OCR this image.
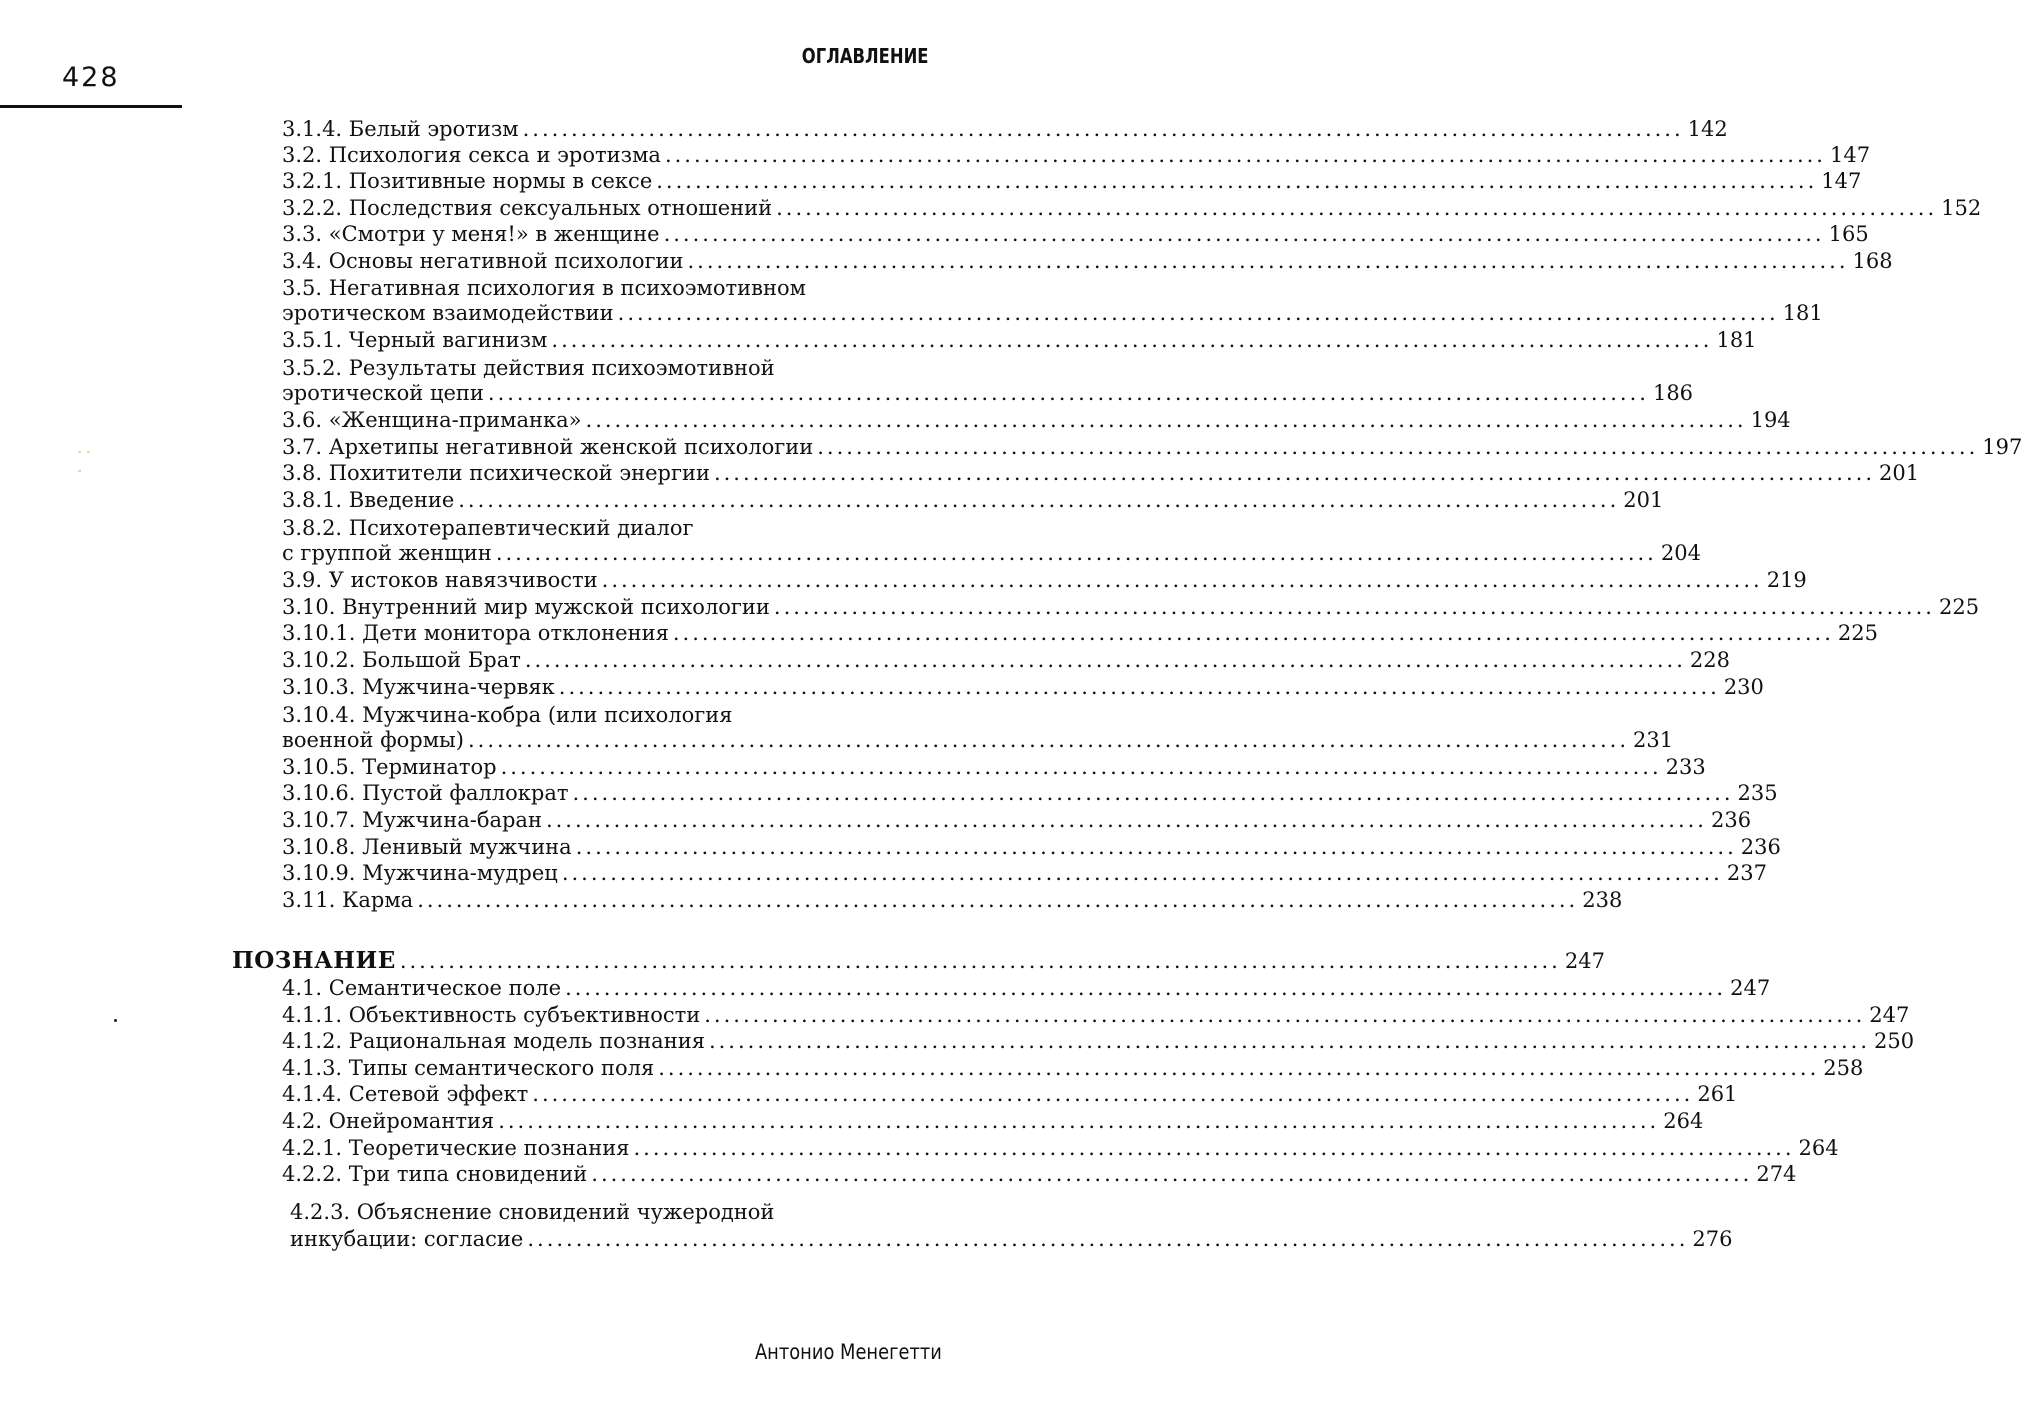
428
ОГЛАВЛЕНИЕ
3.1.4. Белый эротизм ........................................................................................................................ 142
3.2. Психология секса и эротизма ........................................................................................................................ 147
3.2.1. Позитивные нормы в сексе ........................................................................................................................ 147
3.2.2. Последствия сексуальных отношений ........................................................................................................................ 152
3.3. «Смотри у меня!» в женщине ........................................................................................................................ 165
3.4. Основы негативной психологии ........................................................................................................................ 168
3.5. Негативная психология в психоэмотивном
эротическом взаимодействии ........................................................................................................................ 181
3.5.1. Черный вагинизм ........................................................................................................................ 181
3.5.2. Результаты действия психоэмотивной
эротической цепи ........................................................................................................................ 186
3.6. «Женщина-приманка» ........................................................................................................................ 194
3.7. Архетипы негативной женской психологии ........................................................................................................................ 197
3.8. Похитители психической энергии ........................................................................................................................ 201
3.8.1. Введение ........................................................................................................................ 201
3.8.2. Психотерапевтический диалог
с группой женщин ........................................................................................................................ 204
3.9. У истоков навязчивости ........................................................................................................................ 219
3.10. Внутренний мир мужской психологии ........................................................................................................................ 225
3.10.1. Дети монитора отклонения ........................................................................................................................ 225
3.10.2. Большой Брат ........................................................................................................................ 228
3.10.3. Мужчина-червяк ........................................................................................................................ 230
3.10.4. Мужчина-кобра (или психология
военной формы) ........................................................................................................................ 231
3.10.5. Терминатор ........................................................................................................................ 233
3.10.6. Пустой фаллократ ........................................................................................................................ 235
3.10.7. Мужчина-баран ........................................................................................................................ 236
3.10.8. Ленивый мужчина ........................................................................................................................ 236
3.10.9. Мужчина-мудрец ........................................................................................................................ 237
3.11. Карма ........................................................................................................................ 238
ПОЗНАНИЕ ........................................................................................................................ 247
4.1. Семантическое поле ........................................................................................................................ 247
4.1.1. Объективность субъективности ........................................................................................................................ 247
4.1.2. Рациональная модель познания ........................................................................................................................ 250
4.1.3. Типы семантического поля ........................................................................................................................ 258
4.1.4. Сетевой эффект ........................................................................................................................ 261
4.2. Онейромантия ........................................................................................................................ 264
4.2.1. Теоретические познания ........................................................................................................................ 264
4.2.2. Три типа сновидений ........................................................................................................................ 274
4.2.3. Объяснение сновидений чужеродной
инкубации: согласие ........................................................................................................................ 276
Антонио Менегетти
